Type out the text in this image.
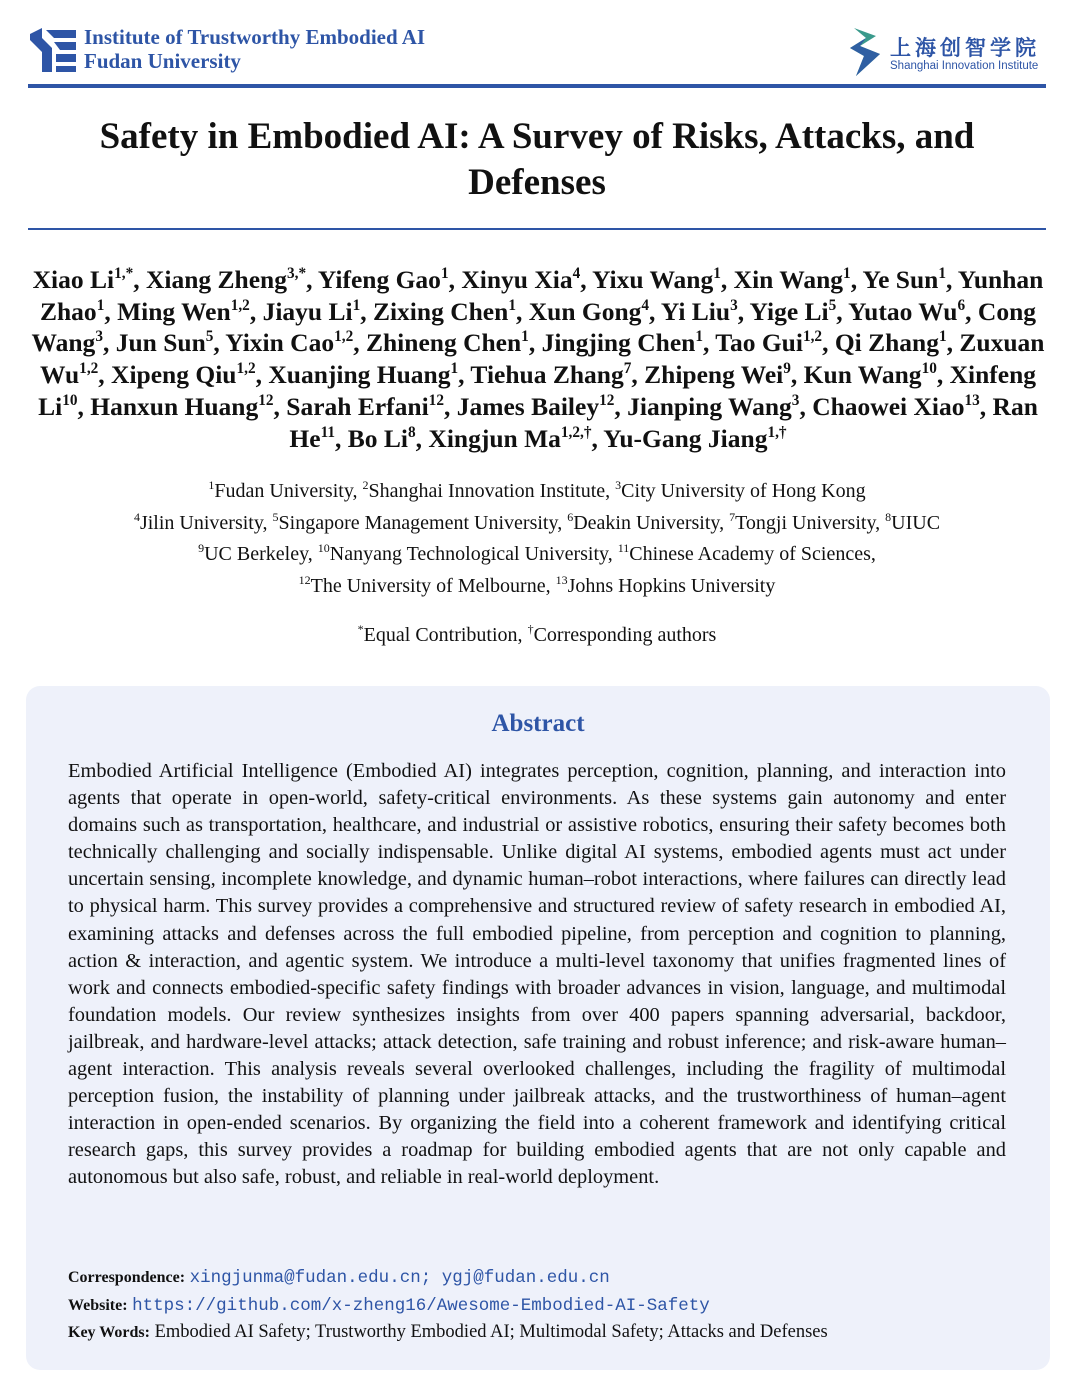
Institute of Trustworthy Embodied AI
Fudan University
上海创智学院
Shanghai Innovation Institute
Safety in Embodied AI: A Survey of Risks, Attacks, and Defenses
Xiao $Li^{1,*}$, Xiang Zheng$^{3,*}$, Yifeng Gao$^1$, Xinyu Xia$^4$, Yixu Wang$^1$, Xin Wang$^1$, Ye Sun$^1$, Yunhan Zhao$^1$, Ming Wen$^{1,2}$, Jiayu Li$^1$, Zixing Chen$^1$, Xun Gong$^4$, Yi Liu$^3$, Yige Li$^5$, Yutao Wu$^6$, Cong Wang$^3$, Jun Sun$^5$, Yixin Cao$^{1,2}$, Zhineng Chen$^1$, Jingjing Chen$^1$, Tao Gui$^{1,2}$, Qi Zhang$^1$, Zuxuan Wu$^{1,2}$, Xipeng Qiu$^{1,2}$, Xuanjing Huang$^1$, Tiehua Zhang$^7$, Zhipeng Wei$^9$, Kun Wang$^{10}$, Xinfeng Li$^{10}$, Hanxun Huang$^{12}$, Sarah Erfani$^{12}$, James Bailey$^{12}$, Jianping Wang$^3$, Chaowei Xiao$^{13}$, Ran He$^{11}$, Bo Li$^8$, Xingjun $Ma^{1,2,\dagger}$, Yu-Gang Jiang$^{1,\dagger}$
$^1$Fudan University, $^2$Shanghai Innovation Institute, $^3$City University of Hong Kong
$^4$Jilin University, $^5$Singapore Management University, $^6$Deakin University, $^7$Tongji University, $^8$UIUC
$^9$UC Berkeley, $^{10}$Nanyang Technological University, $^{11}$Chinese Academy of Sciences,
$^{12}$The University of Melbourne, $^{13}$Johns Hopkins University
*Equal Contribution, †Corresponding authors
Abstract
Embodied Artificial Intelligence (Embodied AI) integrates perception, cognition, planning, and interaction into agents that operate in open-world, safety-critical environments. As these systems gain autonomy and enter domains such as transportation, healthcare, and industrial or assistive robotics, ensuring their safety becomes both technically challenging and socially indispensable. Unlike digital AI systems, embodied agents must act under uncertain sensing, incomplete knowledge, and dynamic human–robot interactions, where failures can directly lead to physical harm. This survey provides a comprehensive and structured review of safety research in embodied AI, examining attacks and defenses across the full embodied pipeline, from perception and cognition to planning, action & interaction, and agentic system. We introduce a multi-level taxonomy that unifies fragmented lines of work and connects embodied-specific safety findings with broader advances in vision, language, and multimodal foundation models. Our review synthesizes insights from over 400 papers spanning adversarial, backdoor, jailbreak, and hardware-level attacks; attack detection, safe training and robust inference; and risk-aware human–agent interaction. This analysis reveals several overlooked challenges, including the fragility of multimodal perception fusion, the instability of planning under jailbreak attacks, and the trustworthiness of human–agent interaction in open-ended scenarios. By organizing the field into a coherent framework and identifying critical research gaps, this survey provides a roadmap for building embodied agents that are not only capable and autonomous but also safe, robust, and reliable in real-world deployment.
Correspondence: xingjunma@fudan.edu.cn; ygj@fudan.edu.cn
Website: https://github.com/x-zheng16/Awesome-Embodied-AI-Safety
Key Words: Embodied AI Safety; Trustworthy Embodied AI; Multimodal Safety; Attacks and Defenses
